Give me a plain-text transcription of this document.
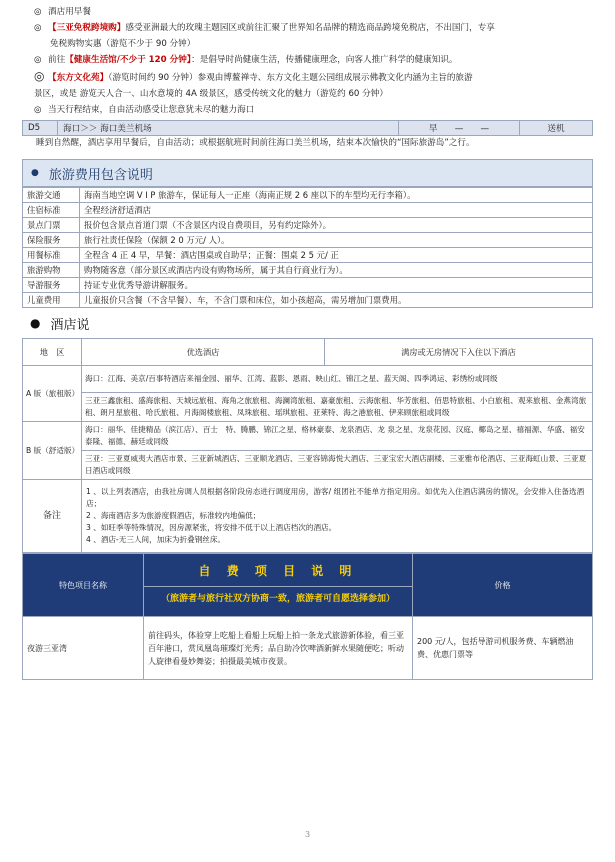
◎ 酒店用早餐
◎ 【三亚免税跨境购】感受亚洲最大的玫瑰主题园区或前往汇聚了世界知名品牌的精选商品跨境免税店，不出国门，专享
免税购物实惠（游览不少于 90 分钟）
◎ 前往【健康生活馆/不少于 120 分钟】：是倡导时尚健康生活，传播健康理念，向客人推广科学的健康知识。
◎ 【东方文化苑】（游览时间约 90 分钟）参观由博鳌禅寺、东方文化主题公园组成展示佛教文化内涵为主旨的旅游
景区，或是 游览天人合一、山水意境的 4A 级景区，感受传统文化的魅力（游览约 60 分钟）
◎ 当天行程结束，自由活动感受让您意犹未尽的魅力海口
D5	海口＞＞ 海口美兰机场	早　　—　　—	送机

睡到自然醒，酒店享用早餐后，自由活动；或根据航班时间前往海口美兰机场，结束本次愉快的“国际旅游岛”之行。

● 旅游费用包含说明
旅游交通	海南当地空调 V I P 旅游车，保证每人一正座（海南正规 2 6 座以下的车型均无行李箱）。
住宿标准	全程经济舒适酒店
景点门票	报价包含景点首道门票（不含景区内设自费项目，另有约定除外）。
保险服务	旅行社责任保险（保额 2 0 万元/ 人）。
用餐标准	全程含 4 正 4 早，早餐：酒店围桌或自助早；正餐：围桌 2 5 元/ 正
旅游购物	购物随客意（部分景区或酒店内设有购物场所，属于其自行商业行为）。
导游服务	持证专业优秀导游讲解服务。
儿童费用	儿童报价只含餐（不含早餐）、车，不含门票和床位，如小孩超高，需另增加门票费用。
● 酒店说
地　区	优选酒店	满房或无房情况下入住以下酒店
A 版（旅租版）	海口：江海、美京/百事特酒店来福金园、丽华、江湾、蓝影、恩雨、映山红、锦江之星、蓝天阁、四季鸿运、彩绣纷或同级	
	三亚三鑫旅租、盛海旅租、天城远旅租、海角之旅旅租、海澜湾旅租、嘉豪旅租、云海旅租、华芳旅租、佰思特旅租、小白旅租、观来旅租、金燕湾旅租、朗月星旅租、哈氏旅租、月海阁楼旅租、凤珠旅租、瑶琪旅租、亚莱特、海之港旅租、伊来顾旅租或同级	
B 版（舒适版）	海口：丽华、佳捷精品（滨江店）、百士　特、腾鹏、锦江之星、格林豪泰、龙泉酒店、龙 泉之星、龙泉花园、汉庭、椰岛之星、禧福源、华盛、福安泰隆、福德、赫廷或同级	
	三亚：三亚夏威夷大酒店市景、三亚新城酒店、三亚顺龙酒店、三亚容锦海悦大酒店、三亚宝宏大酒店副楼、三亚雅布伦酒店、三亚海虹山景、三亚夏日酒店或同级	
备注	1 、以上列表酒店，由我社房调人员根据各阶段房态进行调度用房，游客/ 组团社不能单方指定用房。如优先入住酒店满房的情况，会安排入住备选酒店；
2 、海南酒店多为旅游度假酒店，标准较内地偏低；
3 、如旺季等特殊情况，因房源紧张，将安排不低于以上酒店档次的酒店。
4 、酒店-无三人间，加床为折叠钢丝床。	
特色项目名称	自 费 项 目 说 明
（旅游者与旅行社双方协商一致，旅游者可自愿选择参加）	价格
夜游三亚湾	前往码头，体验穿上吃船上看船上玩船上拍一条龙式旅游新体验，看三亚百年港口，赏凤凰岛璀璨灯光秀；品自助冷饮啤酒新鲜水果随便吃；听动人旋律看曼妙舞姿；拍摄最美城市夜景。	200 元/人，包括导游司机服务费、车辆燃油费、优惠门票等
3
